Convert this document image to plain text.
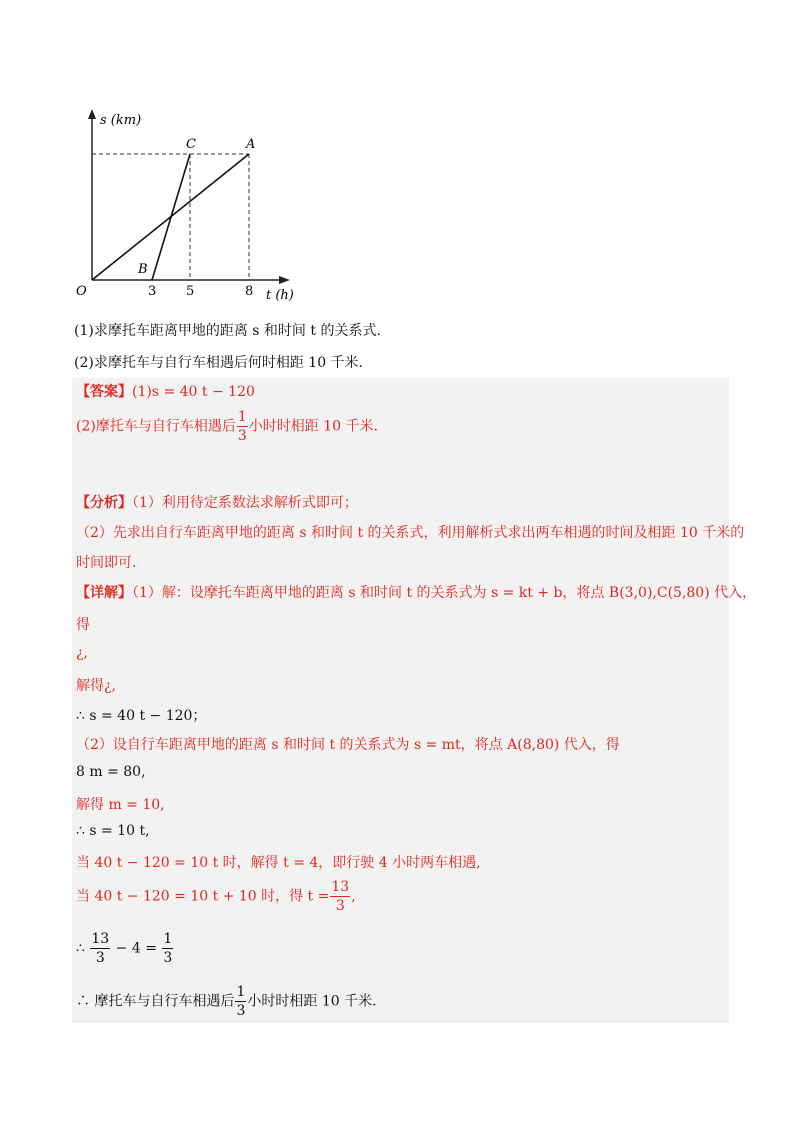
s (km)
t (h)
O
C	A
B
3 5	8
(1)求摩托车距离甲地的距离 s 和时间 t 的关系式.
(2)求摩托车与自行车相遇后何时相距 10 千米.
【答案】(1)s = 40 t − 120
(2)摩托车与自行车相遇后 $\frac{1}{3}$ 小时时相距 10 千米.
【分析】（1）利用待定系数法求解析式即可；
（2）先求出自行车距离甲地的距离 s 和时间 t 的关系式，利用解析式求出两车相遇的时间及相距 10 千米的
时间即可.
【详解】（1）解：设摩托车距离甲地的距离 s 和时间 t 的关系式为 s = kt + b，将点 B(3,0),C(5,80) 代入，
得
¿,
解得¿,
∴ s = 40 t − 120；
（2）设自行车距离甲地的距离 s 和时间 t 的关系式为 s = mt，将点 A(8,80) 代入，得
8 m = 80,
解得 m = 10,
∴ s = 10 t,
当 40 t − 120 = 10 t 时，解得 t = 4，即行驶 4 小时两车相遇,
当 40 t − 120 = 10 t + 10 时，得 $t = \frac{13}{3}$ ,
∴ $\frac{13}{3} - 4 = \frac{1}{3}$
∴ 摩托车与自行车相遇后 $\frac{1}{3}$ 小时时相距 10 千米.
